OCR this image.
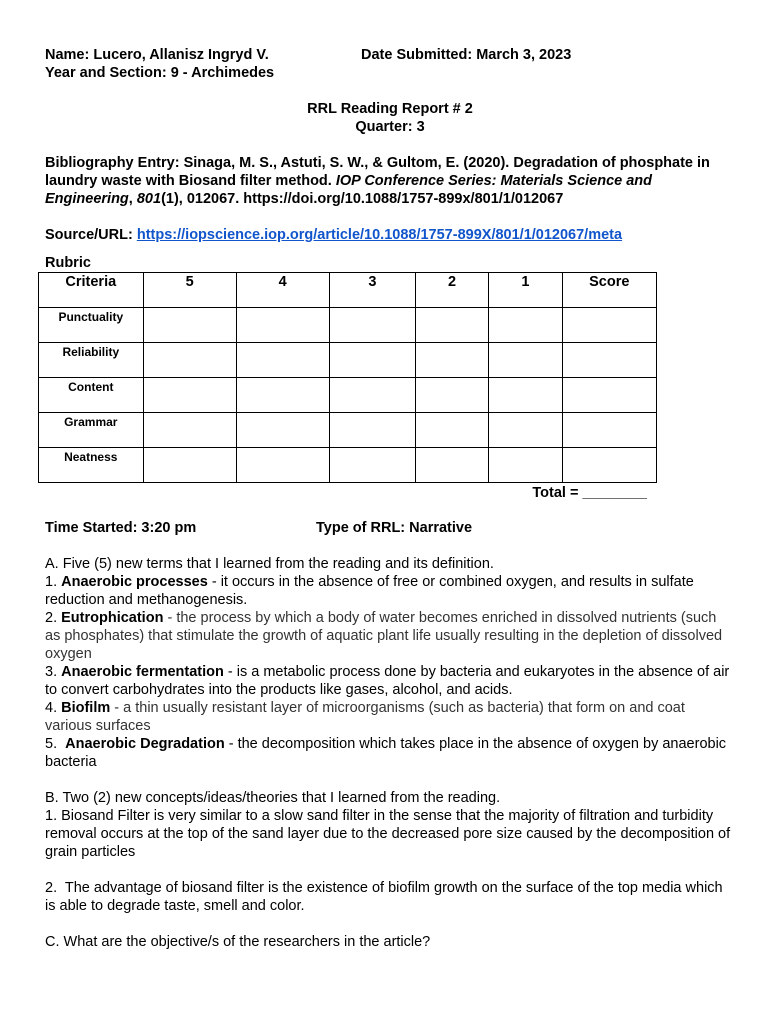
Name: Lucero, Allanisz Ingryd V.	Date Submitted: March 3, 2023

Year and Section: 9 - Archimedes

RRL Reading Report # 2
Quarter: 3

Bibliography Entry: Sinaga, M. S., Astuti, S. W., & Gultom, E. (2020). Degradation of phosphate in laundry waste with Biosand filter method. IOP Conference Series: Materials Science and Engineering, 801(1), 012067. https://doi.org/10.1088/1757-899x/801/1/012067

Source/URL: https://iopscience.iop.org/article/10.1088/1757-899X/801/1/012067/meta

Rubric

Criteria	5	4	3	2	1	Score
Punctuality						
Reliability						
Content						
Grammar						
Neatness						
Total = ________
Time Started: 3:20 pm	Type of RRL: Narrative

A. Five (5) new terms that I learned from the reading and its definition.

1. Anaerobic processes - it occurs in the absence of free or combined oxygen, and results in sulfate reduction and methanogenesis.

2. Eutrophication - the process by which a body of water becomes enriched in dissolved nutrients (such as phosphates) that stimulate the growth of aquatic plant life usually resulting in the depletion of dissolved oxygen

3. Anaerobic fermentation - is a metabolic process done by bacteria and eukaryotes in the absence of air to convert carbohydrates into the products like gases, alcohol, and acids.

4. Biofilm - a thin usually resistant layer of microorganisms (such as bacteria) that form on and coat various surfaces

5.  Anaerobic Degradation - the decomposition which takes place in the absence of oxygen by anaerobic bacteria

B. Two (2) new concepts/ideas/theories that I learned from the reading.

1. Biosand Filter is very similar to a slow sand filter in the sense that the majority of filtration and turbidity removal occurs at the top of the sand layer due to the decreased pore size caused by the decomposition of grain particles

2.  The advantage of biosand filter is the existence of biofilm growth on the surface of the top media which is able to degrade taste, smell and color.

C. What are the objective/s of the researchers in the article?
